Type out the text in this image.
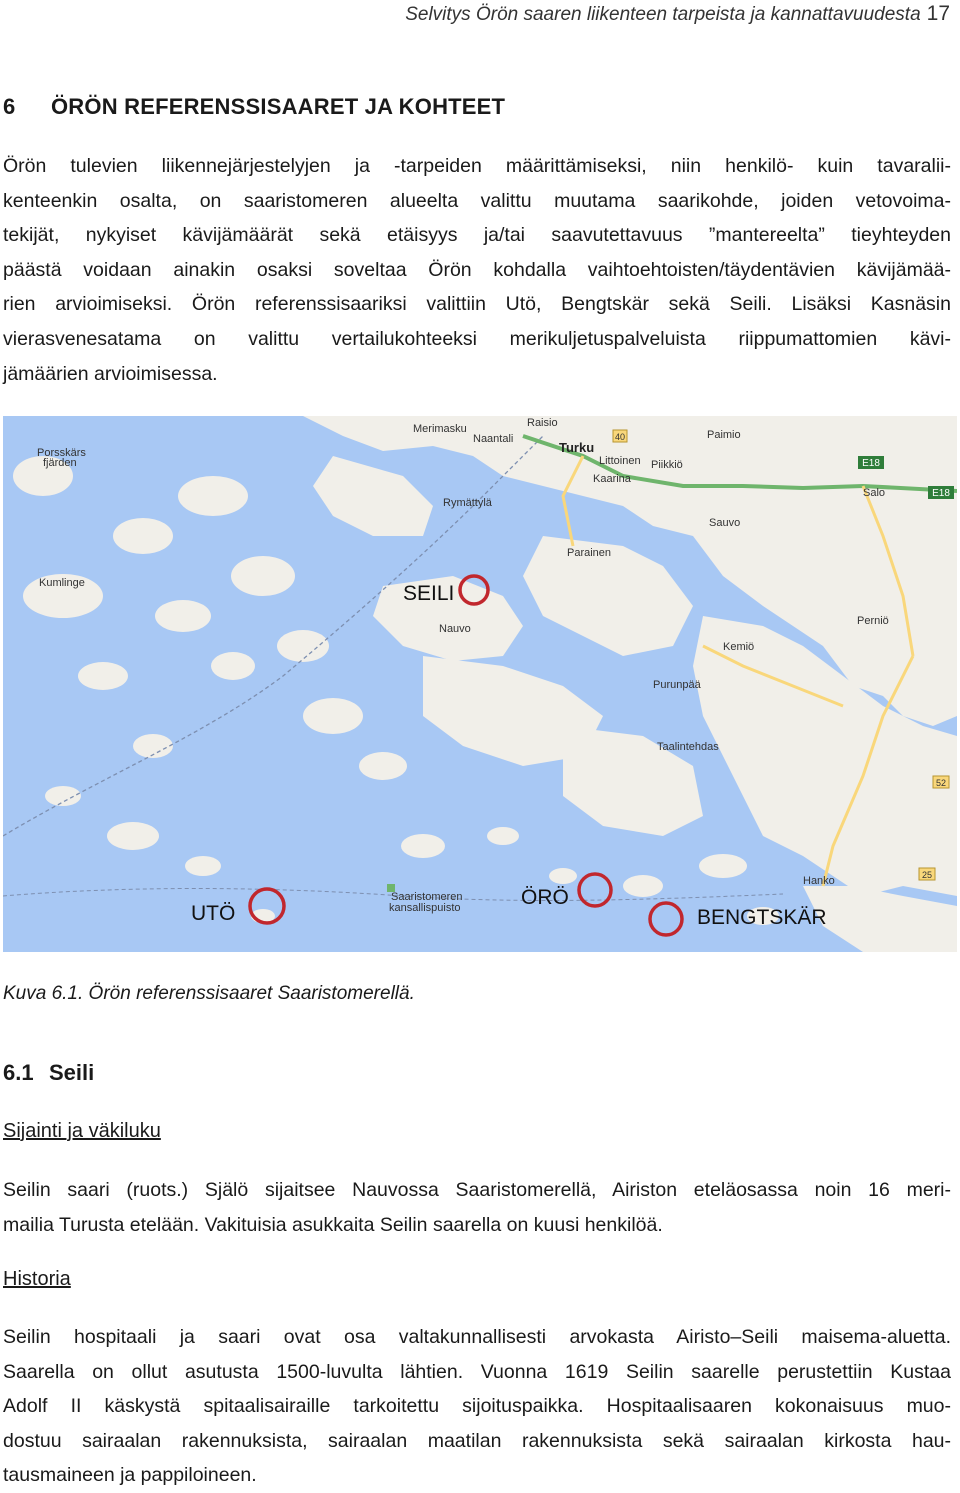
Selvitys Örön saaren liikenteen tarpeista ja kannattavuudesta 17
6 ÖRÖN REFERENSSISAARET JA KOHTEET
Örön tulevien liikennejärjestelyjen ja -tarpeiden määrittämiseksi, niin henkilö- kuin tavaralii-
kenteenkin osalta, on saaristomeren alueelta valittu muutama saarikohde, joiden vetovoima-
tekijät, nykyiset kävijämäärät sekä etäisyys ja/tai saavutettavuus ”mantereelta” tieyhteyden
päästä voidaan ainakin osaksi soveltaa Örön kohdalla vaihtoehtoisten/täydentävien kävijämää-
rien arvioimiseksi. Örön referenssisaariksi valittiin Utö, Bengtskär sekä Seili. Lisäksi Kasnäsin
vierasvenesatama on valittu vertailukohteeksi merikuljetuspalveluista riippumattomien kävi-
jämäärien arvioimisessa.
E18
E18
40
25
52
Merimasku
Naantali
Raisio
Turku
Littoinen
Kaarina
Piikkiö
Paimio
Salo
Sauvo
Rymättylä
Parainen
Nauvo
Kumlinge
Perniö
Kemiö
Purunpää
Taalintehdas
Hanko
Porsskärs
fjärden
Saaristomeren
kansallispuisto
SEILI
UTÖ
ÖRÖ
BENGTSKÄR
Kuva 6.1. Örön referenssisaaret Saaristomerellä.
6.1 Seili
Sijainti ja väkiluku
Seilin saari (ruots.) Själö sijaitsee Nauvossa Saaristomerellä, Airiston eteläosassa noin 16 meri-
mailia Turusta etelään. Vakituisia asukkaita Seilin saarella on kuusi henkilöä.
Historia
Seilin hospitaali ja saari ovat osa valtakunnallisesti arvokasta Airisto–Seili maisema-aluetta.
Saarella on ollut asutusta 1500-luvulta lähtien. Vuonna 1619 Seilin saarelle perustettiin Kustaa
Adolf II käskystä spitaalisairaille tarkoitettu sijoituspaikka. Hospitaalisaaren kokonaisuus muo-
dostuu sairaalan rakennuksista, sairaalan maatilan rakennuksista sekä sairaalan kirkosta hau-
tausmaineen ja pappiloineen.
